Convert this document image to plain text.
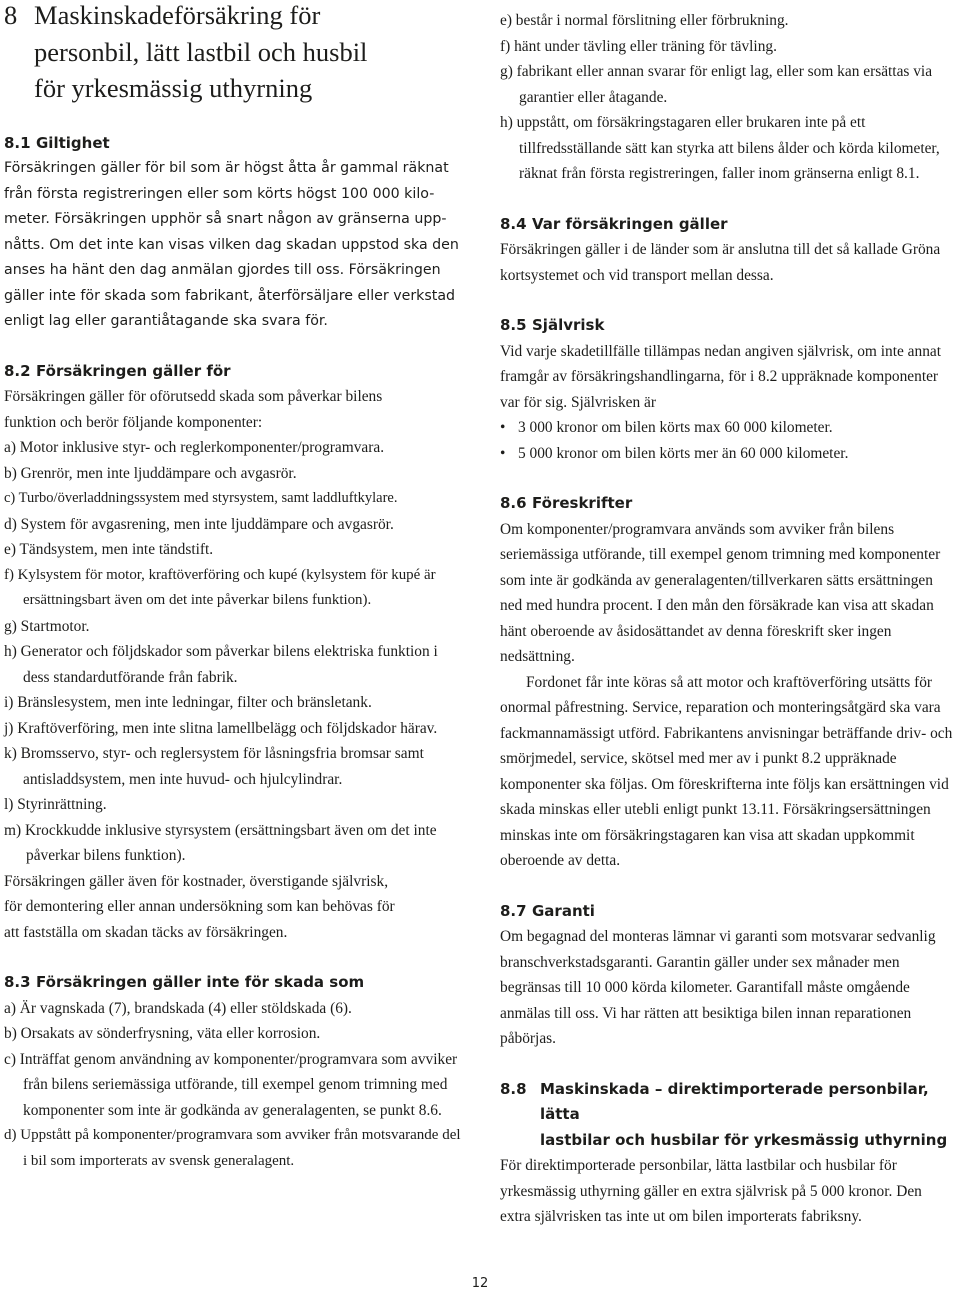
8 Maskinskadeförsäkring för
personbil, lätt lastbil och husbil
för yrkesmässig uthyrning
8.1 Giltighet
Försäkringen gäller för bil som är högst åtta år gammal räknat
från första registreringen eller som körts högst 100 000 kilo-
meter. Försäkringen upphör så snart någon av gränserna upp-
nåtts. Om det inte kan visas vilken dag skadan uppstod ska den
anses ha hänt den dag anmälan gjordes till oss. Försäkringen
gäller inte för skada som fabrikant, återförsäljare eller verkstad
enligt lag eller garantiåtagande ska svara för.
8.2 Försäkringen gäller för
Försäkringen gäller för oförutsedd skada som påverkar bilens
funktion och berör följande komponenter:

a) Motor inklusive styr- och reglerkomponenter/programvara.

b) Grenrör, men inte ljuddämpare och avgasrör.

c) Turbo/överladdningssystem med styrsystem, samt laddluftkylare.

d) System för avgasrening, men inte ljuddämpare och avgasrör.

e) Tändsystem, men inte tändstift.

f) Kylsystem för motor, kraftöverföring och kupé (kylsystem för kupé är ersättningsbart även om det inte påverkar bilens funktion).

g) Startmotor.

h) Generator och följdskador som påverkar bilens elektriska funktion i dess standardutförande från fabrik.

i) Bränslesystem, men inte ledningar, filter och bränsletank.

j) Kraftöverföring, men inte slitna lamellbelägg och följdskador härav.

k) Bromsservo, styr- och reglersystem för låsningsfria bromsar samt antisladdsystem, men inte huvud- och hjulcylindrar.

l) Styrinrättning.

m) Krockkudde inklusive styrsystem (ersättningsbart även om det inte påverkar bilens funktion).

Försäkringen gäller även för kostnader, överstigande självrisk,
för demontering eller annan undersökning som kan behövas för
att fastställa om skadan täcks av försäkringen.
8.3 Försäkringen gäller inte för skada som

a) Är vagnskada (7), brandskada (4) eller stöldskada (6).

b) Orsakats av sönderfrysning, väta eller korrosion.

c) Inträffat genom användning av komponenter/programvara som avviker från bilens seriemässiga utförande, till exempel genom trimning med komponenter som inte är godkända av generalagenten, se punkt 8.6.

d) Uppstått på komponenter/programvara som avviker från motsvarande del i bil som importerats av svensk generalagent.

e) består i normal förslitning eller förbrukning.

f) hänt under tävling eller träning för tävling.

g) fabrikant eller annan svarar för enligt lag, eller som kan ersättas via garantier eller åtagande.

h) uppstått, om försäkringstagaren eller brukaren inte på ett tillfredsställande sätt kan styrka att bilens ålder och körda kilometer, räknat från första registreringen, faller inom gränserna enligt 8.1.

8.4 Var försäkringen gäller

Försäkringen gäller i de länder som är anslutna till det så kallade Gröna kortsystemet och vid transport mellan dessa.

8.5 Självrisk

Vid varje skadetillfälle tillämpas nedan angiven självrisk, om inte annat framgår av försäkringshandlingarna, för i 8.2 uppräknade komponenter var för sig. Självrisken är

• 3 000 kronor om bilen körts max 60 000 kilometer.
• 5 000 kronor om bilen körts mer än 60 000 kilometer.
8.6 Föreskrifter

Om komponenter/programvara används som avviker från bilens seriemässiga utförande, till exempel genom trimning med komponenter som inte är godkända av generalagenten/tillverkaren sätts ersättningen ned med hundra procent. I den mån den försäkrade kan visa att skadan hänt oberoende av åsidosättandet av denna föreskrift sker ingen nedsättning.

Fordonet får inte köras så att motor och kraftöverföring utsätts för onormal påfrestning. Service, reparation och monteringsåtgärd ska vara fackmannamässigt utförd. Fabrikantens anvisningar beträffande driv- och smörjmedel, service, skötsel med mer av i punkt 8.2 uppräknade komponenter ska följas. Om föreskrifterna inte följs kan ersättningen vid skada minskas eller utebli enligt punkt 13.11. Försäkringsersättningen minskas inte om försäkringstagaren kan visa att skadan uppkommit oberoende av detta.

8.7 Garanti

Om begagnad del monteras lämnar vi garanti som motsvarar sedvanlig branschverkstadsgaranti. Garantin gäller under sex månader men begränsas till 10 000 körda kilometer. Garantifall måste omgående anmälas till oss. Vi har rätten att besiktiga bilen innan reparationen påbörjas.

8.8 Maskinskada – direktimporterade personbilar, lätta
lastbilar och husbilar för yrkesmässig uthyrning

För direktimporterade personbilar, lätta lastbilar och husbilar för yrkesmässig uthyrning gäller en extra självrisk på 5 000 kronor. Den extra självrisken tas inte ut om bilen importerats fabriksny.

12
